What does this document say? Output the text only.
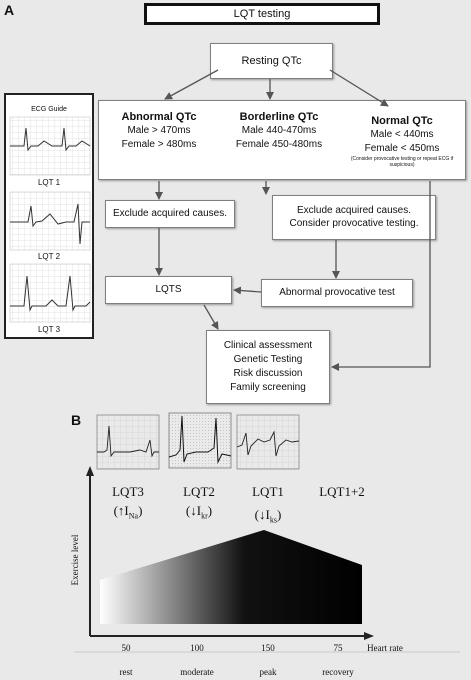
A	LQT testing
Resting QTc
Abnormal QTc
Male > 470ms
Female > 480ms
Borderline QTc
Male 440-470ms
Female 450-480ms
Normal QTc
Male < 440ms
Female < 450ms
(Consider provocative testing or repeat ECG if suspicious)
Exclude acquired causes.	Exclude acquired causes.
Consider provocative testing.
LQTS	Abnormal provocative test
Clinical assessment
Genetic Testing
Risk discussion
Family screening
ECG Guide
LQT 1
LQT 2
LQT 3
B
LQT3	LQT2	LQT1	LQT1+2
$(↑I_{Na})$	$(↓I_{kr})$	$(↓I_{ks})$
Exercise level
50	100	150	75	Heart rate
rest	moderate	peak	recovery
